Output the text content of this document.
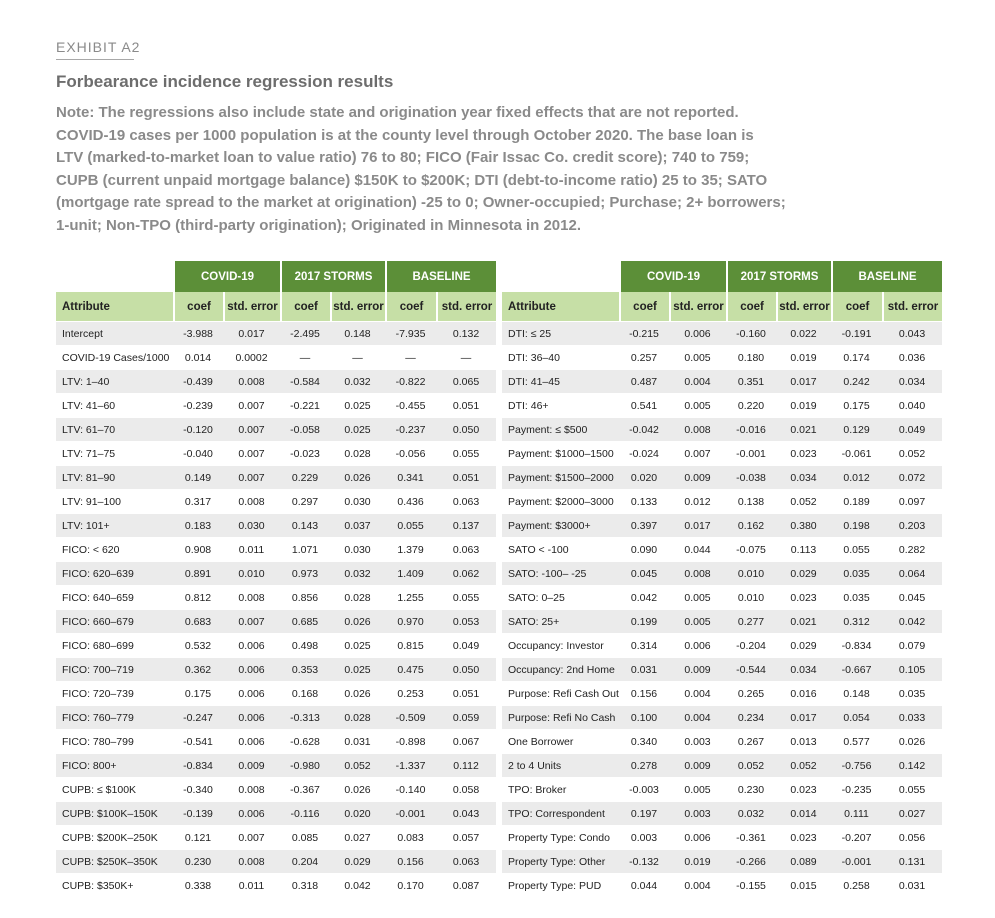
EXHIBIT A2
Forbearance incidence regression results
Note: The regressions also include state and origination year fixed effects that are not reported.
COVID-19 cases per 1000 population is at the county level through October 2020. The base loan is
LTV (marked-to-market loan to value ratio) 76 to 80; FICO (Fair Issac Co. credit score); 740 to 759;
CUPB (current unpaid mortgage balance) $150K to $200K; DTI (debt-to-income ratio) 25 to 35; SATO
(mortgage rate spread to the market at origination) -25 to 0; Owner-occupied; Purchase; 2+ borrowers;
1-unit; Non-TPO (third-party origination); Originated in Minnesota in 2012.
	COVID-19		2017 STORMS		BASELINE	
Attribute	coef	std. error	coef	std. error	coef	std. error
Intercept	-3.988	0.017	-2.495	0.148	-7.935	0.132
COVID-19 Cases/1000	0.014	0.0002	—	—	—	—
LTV: 1–40	-0.439	0.008	-0.584	0.032	-0.822	0.065
LTV: 41–60	-0.239	0.007	-0.221	0.025	-0.455	0.051
LTV: 61–70	-0.120	0.007	-0.058	0.025	-0.237	0.050
LTV: 71–75	-0.040	0.007	-0.023	0.028	-0.056	0.055
LTV: 81–90	0.149	0.007	0.229	0.026	0.341	0.051
LTV: 91–100	0.317	0.008	0.297	0.030	0.436	0.063
LTV: 101+	0.183	0.030	0.143	0.037	0.055	0.137
FICO: < 620	0.908	0.011	1.071	0.030	1.379	0.063
FICO: 620–639	0.891	0.010	0.973	0.032	1.409	0.062
FICO: 640–659	0.812	0.008	0.856	0.028	1.255	0.055
FICO: 660–679	0.683	0.007	0.685	0.026	0.970	0.053
FICO: 680–699	0.532	0.006	0.498	0.025	0.815	0.049
FICO: 700–719	0.362	0.006	0.353	0.025	0.475	0.050
FICO: 720–739	0.175	0.006	0.168	0.026	0.253	0.051
FICO: 760–779	-0.247	0.006	-0.313	0.028	-0.509	0.059
FICO: 780–799	-0.541	0.006	-0.628	0.031	-0.898	0.067
FICO: 800+	-0.834	0.009	-0.980	0.052	-1.337	0.112
CUPB: ≤ $100K	-0.340	0.008	-0.367	0.026	-0.140	0.058
CUPB: $100K–150K	-0.139	0.006	-0.116	0.020	-0.001	0.043
CUPB: $200K–250K	0.121	0.007	0.085	0.027	0.083	0.057
CUPB: $250K–350K	0.230	0.008	0.204	0.029	0.156	0.063
CUPB: $350K+	0.338	0.011	0.318	0.042	0.170	0.087
	COVID-19		2017 STORMS		BASELINE	
Attribute	coef	std. error	coef	std. error	coef	std. error
DTI: ≤ 25	-0.215	0.006	-0.160	0.022	-0.191	0.043
DTI: 36–40	0.257	0.005	0.180	0.019	0.174	0.036
DTI: 41–45	0.487	0.004	0.351	0.017	0.242	0.034
DTI: 46+	0.541	0.005	0.220	0.019	0.175	0.040
Payment: ≤ $500	-0.042	0.008	-0.016	0.021	0.129	0.049
Payment: $1000–1500	-0.024	0.007	-0.001	0.023	-0.061	0.052
Payment: $1500–2000	0.020	0.009	-0.038	0.034	0.012	0.072
Payment: $2000–3000	0.133	0.012	0.138	0.052	0.189	0.097
Payment: $3000+	0.397	0.017	0.162	0.380	0.198	0.203
SATO < -100	0.090	0.044	-0.075	0.113	0.055	0.282
SATO: -100– -25	0.045	0.008	0.010	0.029	0.035	0.064
SATO: 0–25	0.042	0.005	0.010	0.023	0.035	0.045
SATO: 25+	0.199	0.005	0.277	0.021	0.312	0.042
Occupancy: Investor	0.314	0.006	-0.204	0.029	-0.834	0.079
Occupancy: 2nd Home	0.031	0.009	-0.544	0.034	-0.667	0.105
Purpose: Refi Cash Out	0.156	0.004	0.265	0.016	0.148	0.035
Purpose: Refi No Cash	0.100	0.004	0.234	0.017	0.054	0.033
One Borrower	0.340	0.003	0.267	0.013	0.577	0.026
2 to 4 Units	0.278	0.009	0.052	0.052	-0.756	0.142
TPO: Broker	-0.003	0.005	0.230	0.023	-0.235	0.055
TPO: Correspondent	0.197	0.003	0.032	0.014	0.111	0.027
Property Type: Condo	0.003	0.006	-0.361	0.023	-0.207	0.056
Property Type: Other	-0.132	0.019	-0.266	0.089	-0.001	0.131
Property Type: PUD	0.044	0.004	-0.155	0.015	0.258	0.031
